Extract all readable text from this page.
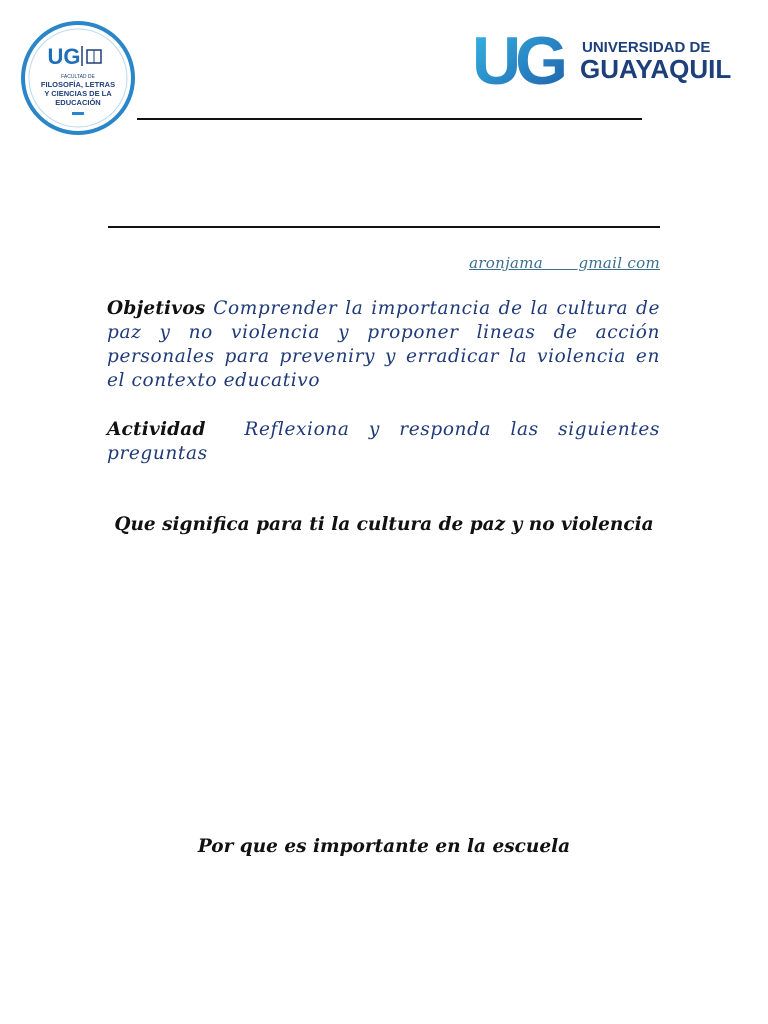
UG
FACULTAD DE
FILOSOFÍA, LETRAS
Y CIENCIAS DE LA
EDUCACIÓN
UG UNIVERSIDAD DE
GUAYAQUIL
aronjama       gmail com
Objetivos Comprender la importancia de la cultura de paz y no violencia y proponer lineas de acción personales para preveniry y erradicar la violencia en el contexto educativo
Actividad  Reflexiona y responda las siguientes preguntas
Que significa para ti la cultura de paz y no violencia
Por que es importante en la escuela
